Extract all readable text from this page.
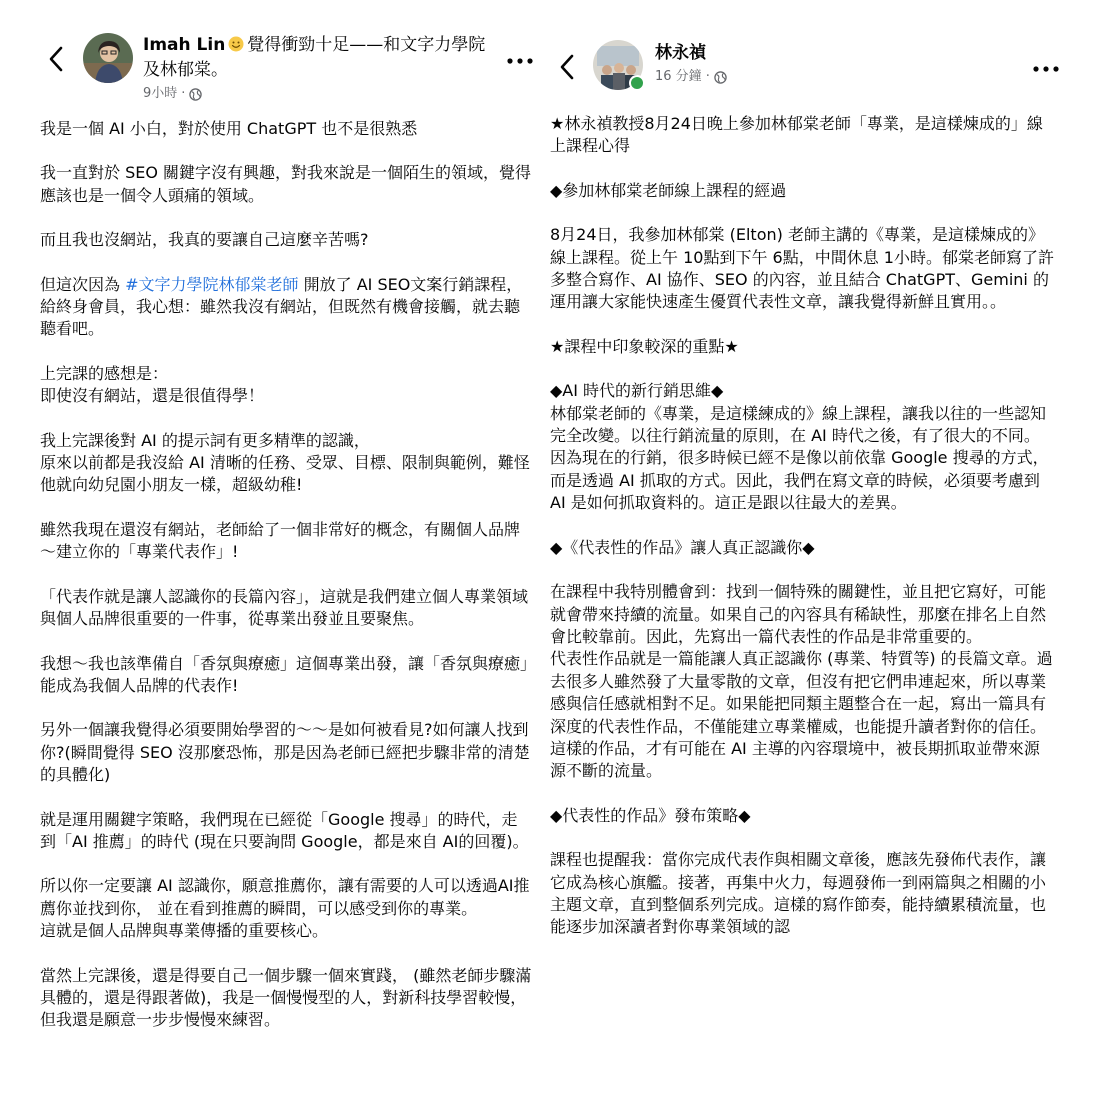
Imah Lin 覺得衝勁十足——和文字力學院及林郁棠。
9小時 ·

我是一個 AI 小白，對於使用 ChatGPT 也不是很熟悉

我一直對於 SEO 關鍵字沒有興趣，對我來說是一個陌生的領域，覺得應該也是一個令人頭痛的領域。

而且我也沒網站，我真的要讓自己這麼辛苦嗎?

但這次因為 #文字力學院林郁棠老師 開放了 AI SEO文案行銷課程，給終身會員，我心想：雖然我沒有網站，但既然有機會接觸，就去聽聽看吧。

上完課的感想是：
即使沒有網站，還是很值得學！

我上完課後對 AI 的提示詞有更多精準的認識，
原來以前都是我沒給 AI 清晰的任務、受眾、目標、限制與範例，難怪他就向幼兒園小朋友一樣，超級幼稚!

雖然我現在還沒有網站，老師給了一個非常好的概念，有關個人品牌～建立你的「專業代表作」!

「代表作就是讓人認識你的長篇內容」，這就是我們建立個人專業領域與個人品牌很重要的一件事，從專業出發並且要聚焦。

我想～我也該準備自「香氛與療癒」這個專業出發，讓「香氛與療癒」能成為我個人品牌的代表作!

另外一個讓我覺得必須要開始學習的～～是如何被看見?如何讓人找到你?(瞬間覺得 SEO 沒那麼恐怖，那是因為老師已經把步驟非常的清楚的具體化)

就是運用關鍵字策略，我們現在已經從「Google 搜尋」的時代，走到「AI 推薦」的時代 (現在只要詢問 Google，都是來自 AI的回覆)。

所以你一定要讓 AI 認識你，願意推薦你，讓有需要的人可以透過AI推薦你並找到你， 並在看到推薦的瞬間，可以感受到你的專業。
這就是個人品牌與專業傳播的重要核心。

當然上完課後，還是得要自己一個步驟一個來實踐， (雖然老師步驟滿具體的，還是得跟著做)，我是一個慢慢型的人，對新科技學習較慢，但我還是願意一步步慢慢來練習。

林永禎
16 分鐘 ·

★林永禎教授8月24日晚上參加林郁棠老師「專業，是這樣煉成的」線上課程心得

◆參加林郁棠老師線上課程的經過

8月24日，我參加林郁棠 (Elton) 老師主講的《專業，是這樣煉成的》線上課程。從上午 10點到下午 6點，中間休息 1小時。郁棠老師寫了許多整合寫作、AI 協作、SEO 的內容，並且結合 ChatGPT、Gemini 的運用讓大家能快速產生優質代表性文章，讓我覺得新鮮且實用。。

★課程中印象較深的重點★

◆AI 時代的新行銷思維◆
林郁棠老師的《專業，是這樣練成的》線上課程，讓我以往的一些認知完全改變。以往行銷流量的原則，在 AI 時代之後，有了很大的不同。因為現在的行銷，很多時候已經不是像以前依靠 Google 搜尋的方式，而是透過 AI 抓取的方式。因此，我們在寫文章的時候，必須要考慮到 AI 是如何抓取資料的。這正是跟以往最大的差異。

◆《代表性的作品》讓人真正認識你◆

在課程中我特別體會到：找到一個特殊的關鍵性，並且把它寫好，可能就會帶來持續的流量。如果自己的內容具有稀缺性，那麼在排名上自然會比較靠前。因此，先寫出一篇代表性的作品是非常重要的。
代表性作品就是一篇能讓人真正認識你 (專業、特質等) 的長篇文章。過去很多人雖然發了大量零散的文章，但沒有把它們串連起來，所以專業感與信任感就相對不足。如果能把同類主題整合在一起，寫出一篇具有深度的代表性作品，不僅能建立專業權威，也能提升讀者對你的信任。這樣的作品，才有可能在 AI 主導的內容環境中，被長期抓取並帶來源源不斷的流量。

◆代表性的作品》發布策略◆

課程也提醒我：當你完成代表作與相關文章後，應該先發佈代表作，讓它成為核心旗艦。接著，再集中火力，每週發佈一到兩篇與之相關的小主題文章，直到整個系列完成。這樣的寫作節奏，能持續累積流量，也能逐步加深讀者對你專業領域的認
